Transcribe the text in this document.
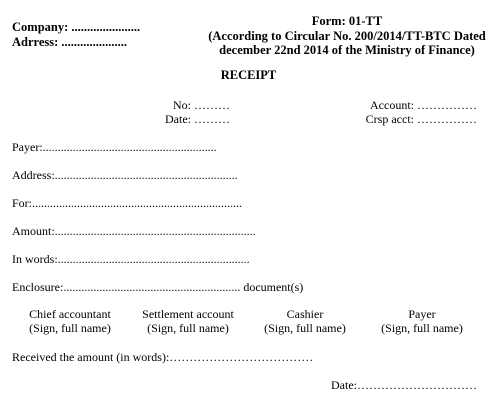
Company: ......................
Adrress: .....................
Form: 01-TT
(According to Circular No. 200/2014/TT-BTC Dated
december 22nd 2014 of the Ministry of Finance)
RECEIPT
No: ………
Date: ………
Account: ……………
Crsp acct: ……………
Payer:..........................................................
Address:.............................................................
For:......................................................................
Amount:...................................................................
In words:................................................................
Enclosure:........................................................... document(s)
Chief accountant
(Sign, full name)
Settlement account
(Sign, full name)
Cashier
(Sign, full name)
Payer
(Sign, full name)
Received the amount (in words):………………………………
Date:…………………………
